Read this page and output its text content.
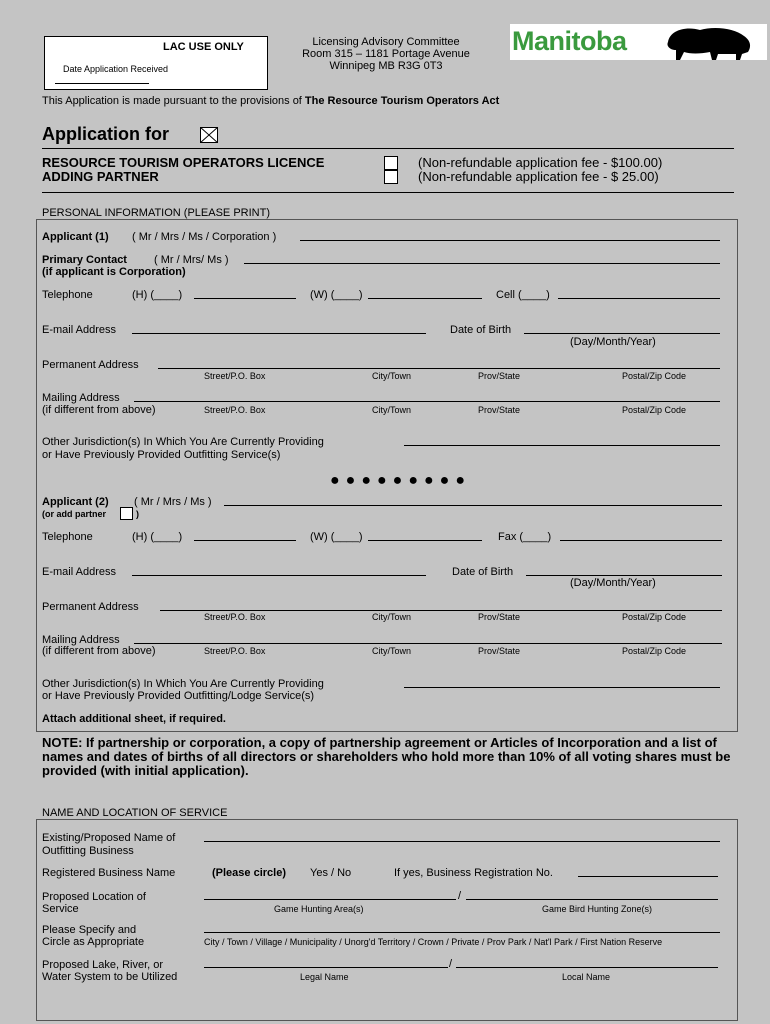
LAC USE ONLY
Date Application Received
Licensing Advisory Committee
Room 315 – 1181 Portage Avenue
Winnipeg MB R3G 0T3
Manitoba
This Application is made pursuant to the provisions of The Resource Tourism Operators Act
Application for
RESOURCE TOURISM OPERATORS LICENCE
ADDING PARTNER
(Non-refundable application fee - $100.00)
(Non-refundable application fee - $ 25.00)
PERSONAL INFORMATION (PLEASE PRINT)
Applicant (1) ( Mr / Mrs / Ms / Corporation )
Primary Contact ( Mr / Mrs/ Ms )
(if applicant is Corporation)
Telephone	(H) (____)	(W) (____)	Cell (____)
E-mail Address	Date of Birth
(Day/Month/Year)
Permanent Address
Street/P.O. Box	City/Town	Prov/State	Postal/Zip Code
Mailing Address
(if different from above)	Street/P.O. Box	City/Town	Prov/State	Postal/Zip Code
Other Jurisdiction(s) In Which You Are Currently Providing
or Have Previously Provided Outfitting Service(s)
●●●●●●●●●
Applicant (2) ( Mr / Mrs / Ms )
(or add partner	)
Telephone	(H) (____)	(W) (____)	Fax (____)
E-mail Address	Date of Birth
(Day/Month/Year)
Permanent Address
Street/P.O. Box	City/Town	Prov/State	Postal/Zip Code
Mailing Address
(if different from above)	Street/P.O. Box	City/Town	Prov/State	Postal/Zip Code
Other Jurisdiction(s) In Which You Are Currently Providing
or Have Previously Provided Outfitting/Lodge Service(s)
Attach additional sheet, if required.
NOTE: If partnership or corporation, a copy of partnership agreement or Articles of Incorporation and a list of names and dates of births of all directors or shareholders who hold more than 10% of all voting shares must be provided (with initial application).
NAME AND LOCATION OF SERVICE
Existing/Proposed Name of
Outfitting Business
Registered Business Name	(Please circle) Yes / No	If yes, Business Registration No.
Proposed Location of
Service
/
Game Hunting Area(s)	Game Bird Hunting Zone(s)
Please Specify and
Circle as Appropriate	City / Town / Village / Municipality / Unorg'd Territory / Crown / Private / Prov Park / Nat'l Park / First Nation Reserve
Proposed Lake, River, or
Water System to be Utilized
/
Legal Name	Local Name
